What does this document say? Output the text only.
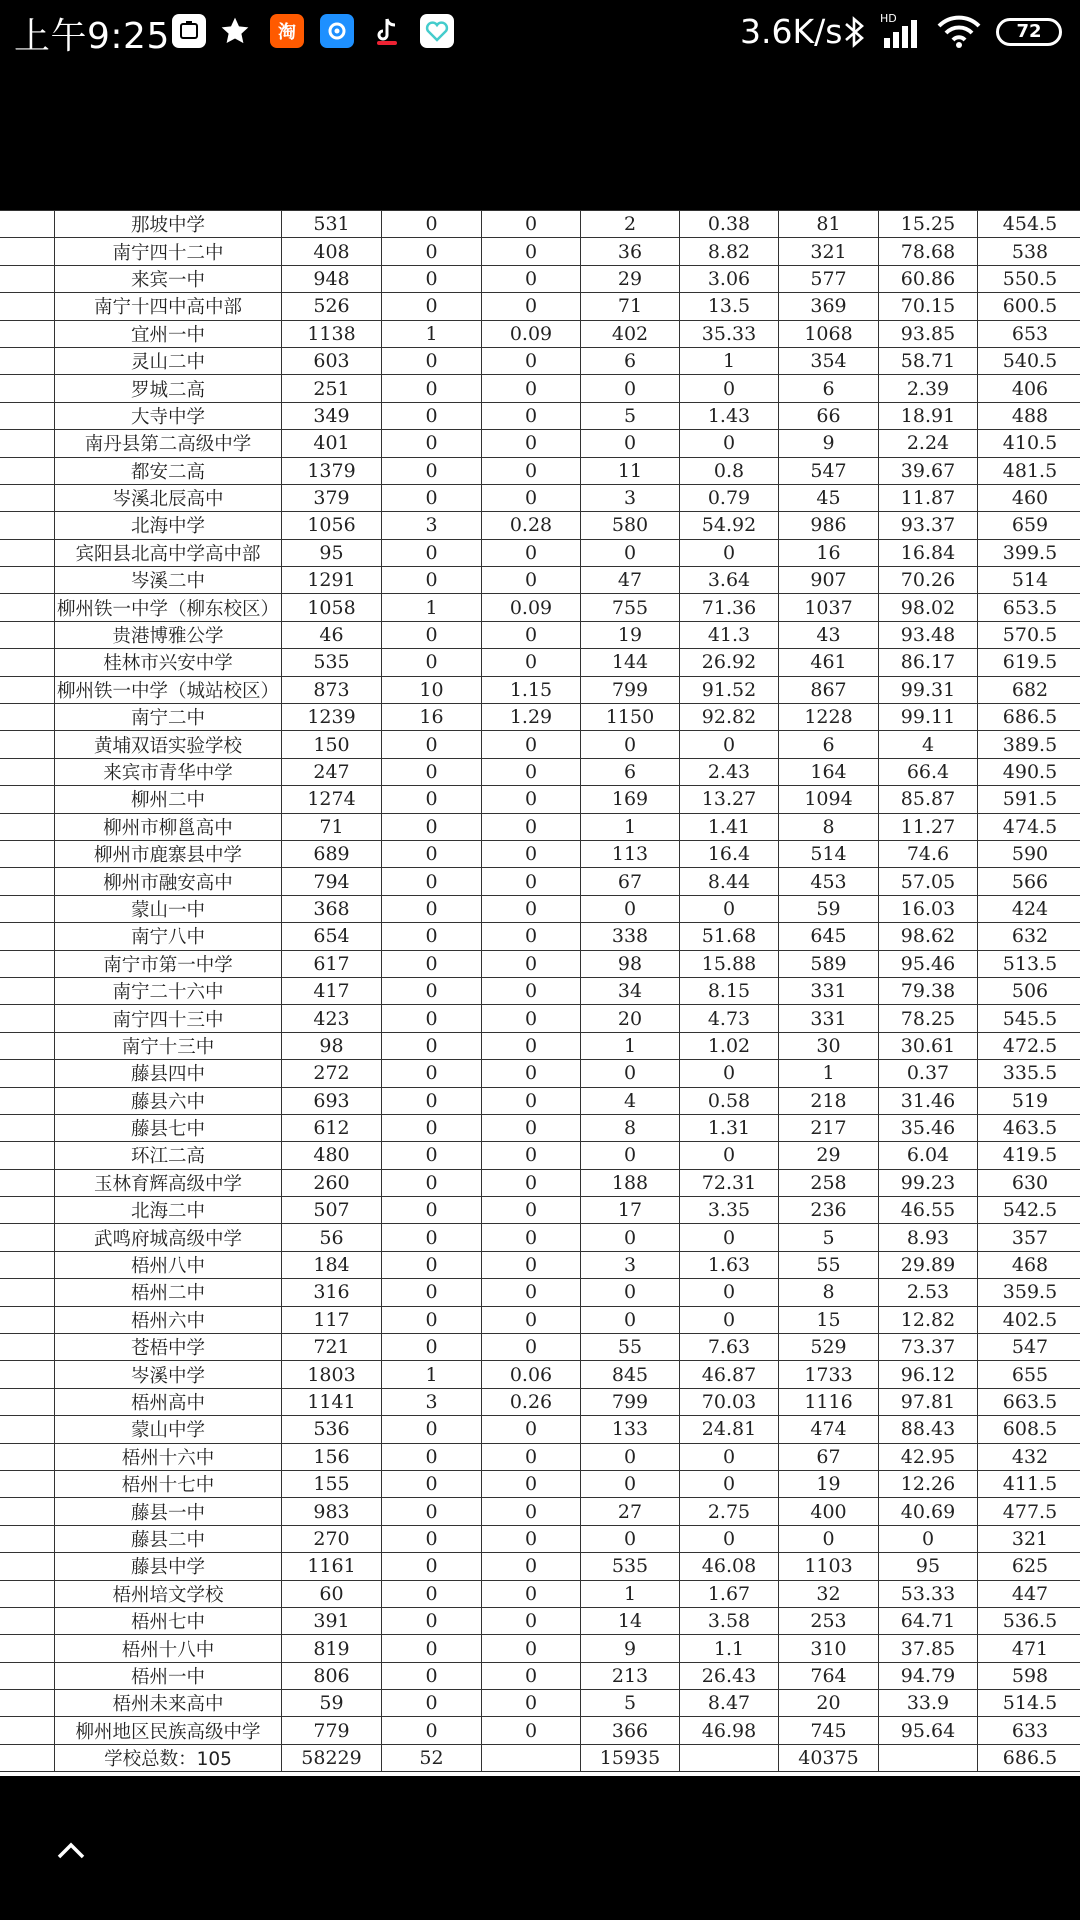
上午9:25	淘	3.6K/s	HD
72
	那坡中学	531	0	0	2	0.38	81	15.25	454.5
	南宁四十二中	408	0	0	36	8.82	321	78.68	538
	来宾一中	948	0	0	29	3.06	577	60.86	550.5
	南宁十四中高中部	526	0	0	71	13.5	369	70.15	600.5
	宜州一中	1138	1	0.09	402	35.33	1068	93.85	653
	灵山二中	603	0	0	6	1	354	58.71	540.5
	罗城二高	251	0	0	0	0	6	2.39	406
	大寺中学	349	0	0	5	1.43	66	18.91	488
	南丹县第二高级中学	401	0	0	0	0	9	2.24	410.5
	都安二高	1379	0	0	11	0.8	547	39.67	481.5
	岑溪北辰高中	379	0	0	3	0.79	45	11.87	460
	北海中学	1056	3	0.28	580	54.92	986	93.37	659
	宾阳县北高中学高中部	95	0	0	0	0	16	16.84	399.5
	岑溪二中	1291	0	0	47	3.64	907	70.26	514
	柳州铁一中学（柳东校区）	1058	1	0.09	755	71.36	1037	98.02	653.5
	贵港博雅公学	46	0	0	19	41.3	43	93.48	570.5
	桂林市兴安中学	535	0	0	144	26.92	461	86.17	619.5
	柳州铁一中学（城站校区）	873	10	1.15	799	91.52	867	99.31	682
	南宁二中	1239	16	1.29	1150	92.82	1228	99.11	686.5
	黄埔双语实验学校	150	0	0	0	0	6	4	389.5
	来宾市青华中学	247	0	0	6	2.43	164	66.4	490.5
	柳州二中	1274	0	0	169	13.27	1094	85.87	591.5
	柳州市柳邕高中	71	0	0	1	1.41	8	11.27	474.5
	柳州市鹿寨县中学	689	0	0	113	16.4	514	74.6	590
	柳州市融安高中	794	0	0	67	8.44	453	57.05	566
	蒙山一中	368	0	0	0	0	59	16.03	424
	南宁八中	654	0	0	338	51.68	645	98.62	632
	南宁市第一中学	617	0	0	98	15.88	589	95.46	513.5
	南宁二十六中	417	0	0	34	8.15	331	79.38	506
	南宁四十三中	423	0	0	20	4.73	331	78.25	545.5
	南宁十三中	98	0	0	1	1.02	30	30.61	472.5
	藤县四中	272	0	0	0	0	1	0.37	335.5
	藤县六中	693	0	0	4	0.58	218	31.46	519
	藤县七中	612	0	0	8	1.31	217	35.46	463.5
	环江二高	480	0	0	0	0	29	6.04	419.5
	玉林育辉高级中学	260	0	0	188	72.31	258	99.23	630
	北海二中	507	0	0	17	3.35	236	46.55	542.5
	武鸣府城高级中学	56	0	0	0	0	5	8.93	357
	梧州八中	184	0	0	3	1.63	55	29.89	468
	梧州二中	316	0	0	0	0	8	2.53	359.5
	梧州六中	117	0	0	0	0	15	12.82	402.5
	苍梧中学	721	0	0	55	7.63	529	73.37	547
	岑溪中学	1803	1	0.06	845	46.87	1733	96.12	655
	梧州高中	1141	3	0.26	799	70.03	1116	97.81	663.5
	蒙山中学	536	0	0	133	24.81	474	88.43	608.5
	梧州十六中	156	0	0	0	0	67	42.95	432
	梧州十七中	155	0	0	0	0	19	12.26	411.5
	藤县一中	983	0	0	27	2.75	400	40.69	477.5
	藤县二中	270	0	0	0	0	0	0	321
	藤县中学	1161	0	0	535	46.08	1103	95	625
	梧州培文学校	60	0	0	1	1.67	32	53.33	447
	梧州七中	391	0	0	14	3.58	253	64.71	536.5
	梧州十八中	819	0	0	9	1.1	310	37.85	471
	梧州一中	806	0	0	213	26.43	764	94.79	598
	梧州未来高中	59	0	0	5	8.47	20	33.9	514.5
	柳州地区民族高级中学	779	0	0	366	46.98	745	95.64	633
	学校总数：105	58229	52		15935		40375		686.5
